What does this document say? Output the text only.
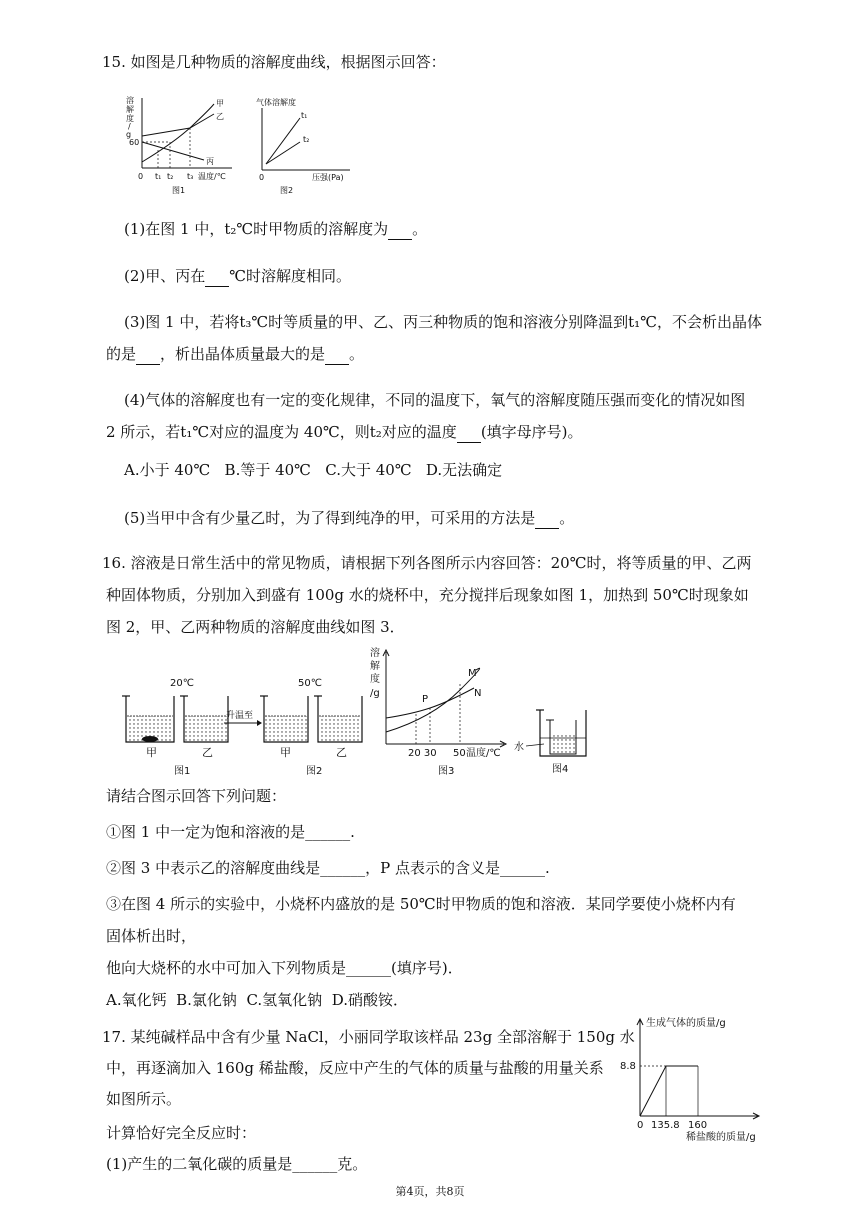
15. 如图是几种物质的溶解度曲线，根据图示回答：
溶
解
度
/
g
60
甲
乙
丙
0 t₁ t₂ t₃ 温度/℃
图1
气体溶解度
t₁
t₂
0	压强(Pa)
图2
(1)在图 1 中，t₂℃时甲物质的溶解度为 。
(2)甲、丙在 ℃时溶解度相同。
(3)图 1 中，若将t₃℃时等质量的甲、乙、丙三种物质的饱和溶液分别降温到t₁℃，不会析出晶体
的是 ，析出晶体质量最大的是 。
(4)气体的溶解度也有一定的变化规律，不同的温度下，氧气的溶解度随压强而变化的情况如图
2 所示，若t₁℃对应的温度为 40℃，则t₂对应的温度 (填字母序号)。
A.小于 40℃   B.等于 40℃   C.大于 40℃   D.无法确定
(5)当甲中含有少量乙时，为了得到纯净的甲，可采用的方法是 。
16. 溶液是日常生活中的常见物质，请根据下列各图所示内容回答：20℃时，将等质量的甲、乙两
种固体物质，分别加入到盛有 100g 水的烧杯中，充分搅拌后现象如图 1，加热到 50℃时现象如
图 2，甲、乙两种物质的溶解度曲线如图 3．
20℃
甲	乙
图1
升温至
50℃
甲	乙
图2
溶
解
度
/g
P
M
N
20 30 50 温度/℃
图3
水
图4
请结合图示回答下列问题：
①图 1 中一定为饱和溶液的是______.
②图 3 中表示乙的溶解度曲线是______，P 点表示的含义是______.
③在图 4 所示的实验中，小烧杯内盛放的是 50℃时甲物质的饱和溶液．某同学要使小烧杯内有
固体析出时，
他向大烧杯的水中可加入下列物质是______(填序号)．
A.氧化钙  B.氯化钠  C.氢氧化钠  D.硝酸铵．
17. 某纯碱样品中含有少量 NaCl，小丽同学取该样品 23g 全部溶解于 150g 水
中，再逐滴加入 160g 稀盐酸，反应中产生的气体的质量与盐酸的用量关系
如图所示。
计算恰好完全反应时：
(1)产生的二氧化碳的质量是______克。
生成气体的质量/g
8.8
0 135.8 160
稀盐酸的质量/g
第4页，共8页
